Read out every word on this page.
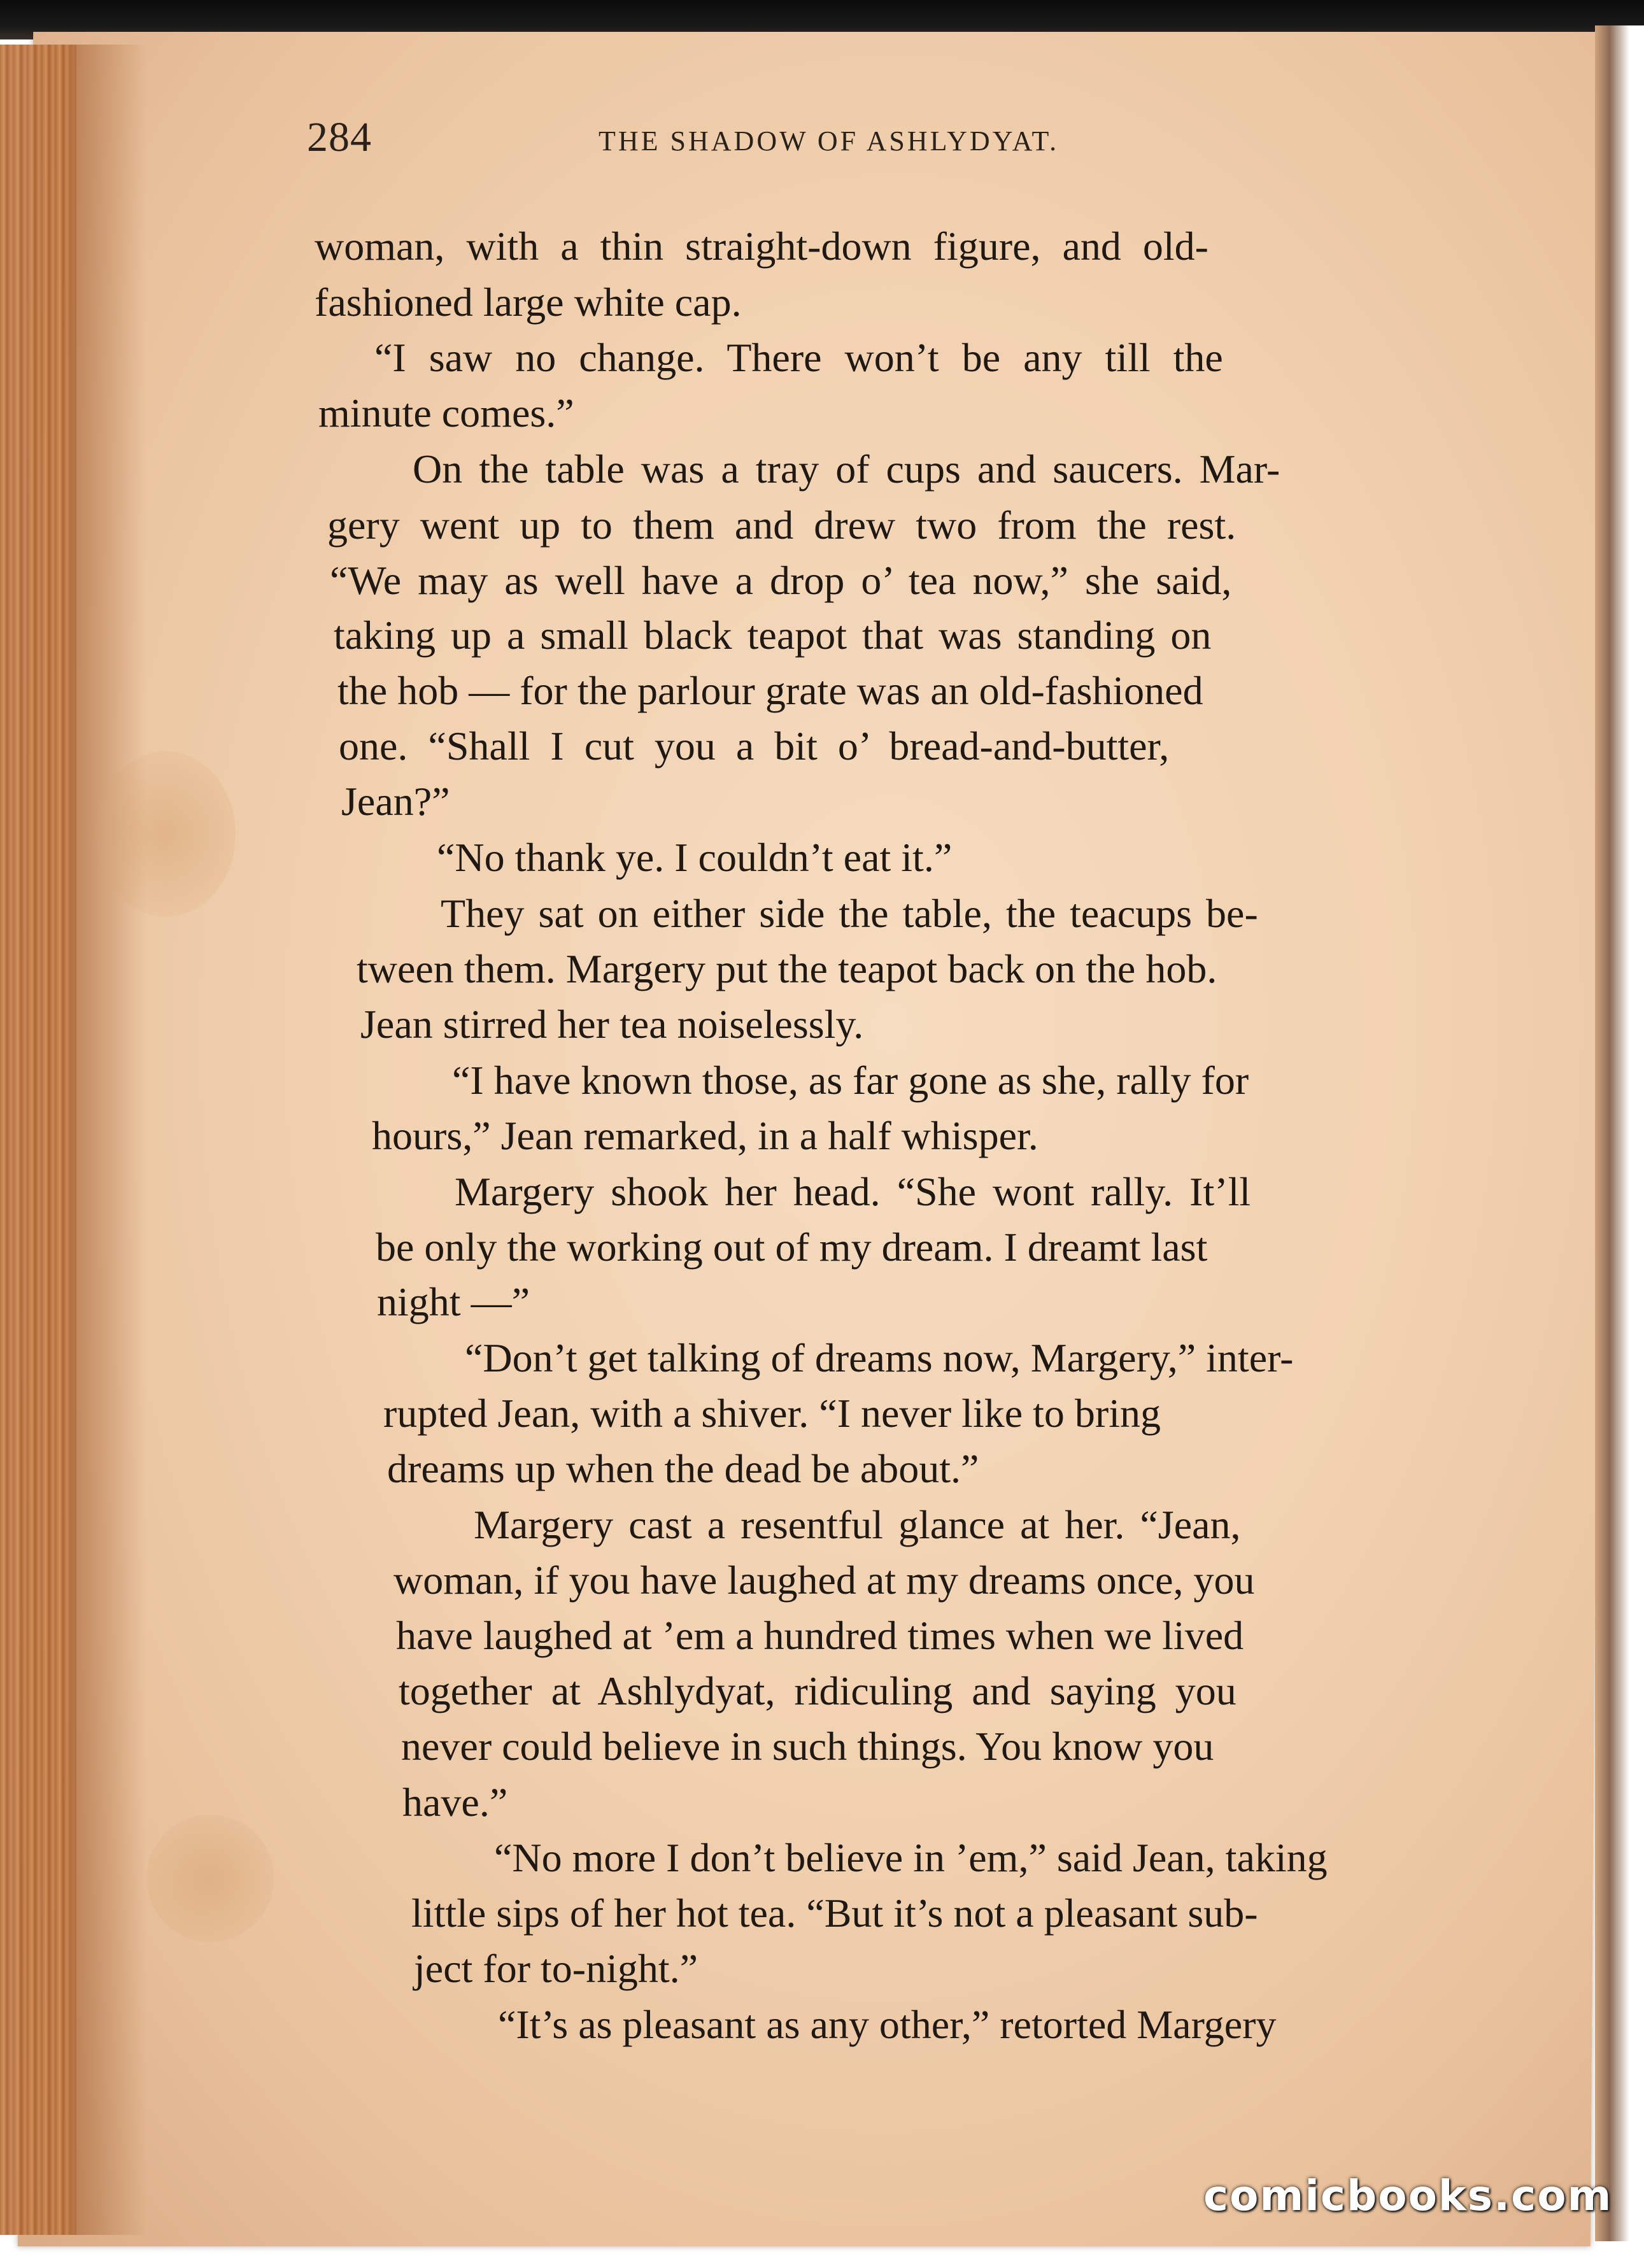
284	THE SHADOW OF ASHLYDYAT.
woman, with a thin straight-down figure, and old-
fashioned large white cap.
“I saw no change. There won’t be any till the
minute comes.”
On the table was a tray of cups and saucers. Mar-
gery went up to them and drew two from the rest.
“We may as well have a drop o’ tea now,” she said,
taking up a small black teapot that was standing on
the hob — for the parlour grate was an old-fashioned
one. “Shall I cut you a bit o’ bread-and-butter,
Jean?”
“No thank ye. I couldn’t eat it.”
They sat on either side the table, the teacups be-
tween them. Margery put the teapot back on the hob.
Jean stirred her tea noiselessly.
“I have known those, as far gone as she, rally for
hours,” Jean remarked, in a half whisper.
Margery shook her head. “She wont rally. It’ll
be only the working out of my dream. I dreamt last
night —”
“Don’t get talking of dreams now, Margery,” inter-
rupted Jean, with a shiver. “I never like to bring
dreams up when the dead be about.”
Margery cast a resentful glance at her. “Jean,
woman, if you have laughed at my dreams once, you
have laughed at ’em a hundred times when we lived
together at Ashlydyat, ridiculing and saying you
never could believe in such things. You know you
have.”
“No more I don’t believe in ’em,” said Jean, taking
little sips of her hot tea. “But it’s not a pleasant sub-
ject for to-night.”
“It’s as pleasant as any other,” retorted Margery
comicbooks.com
